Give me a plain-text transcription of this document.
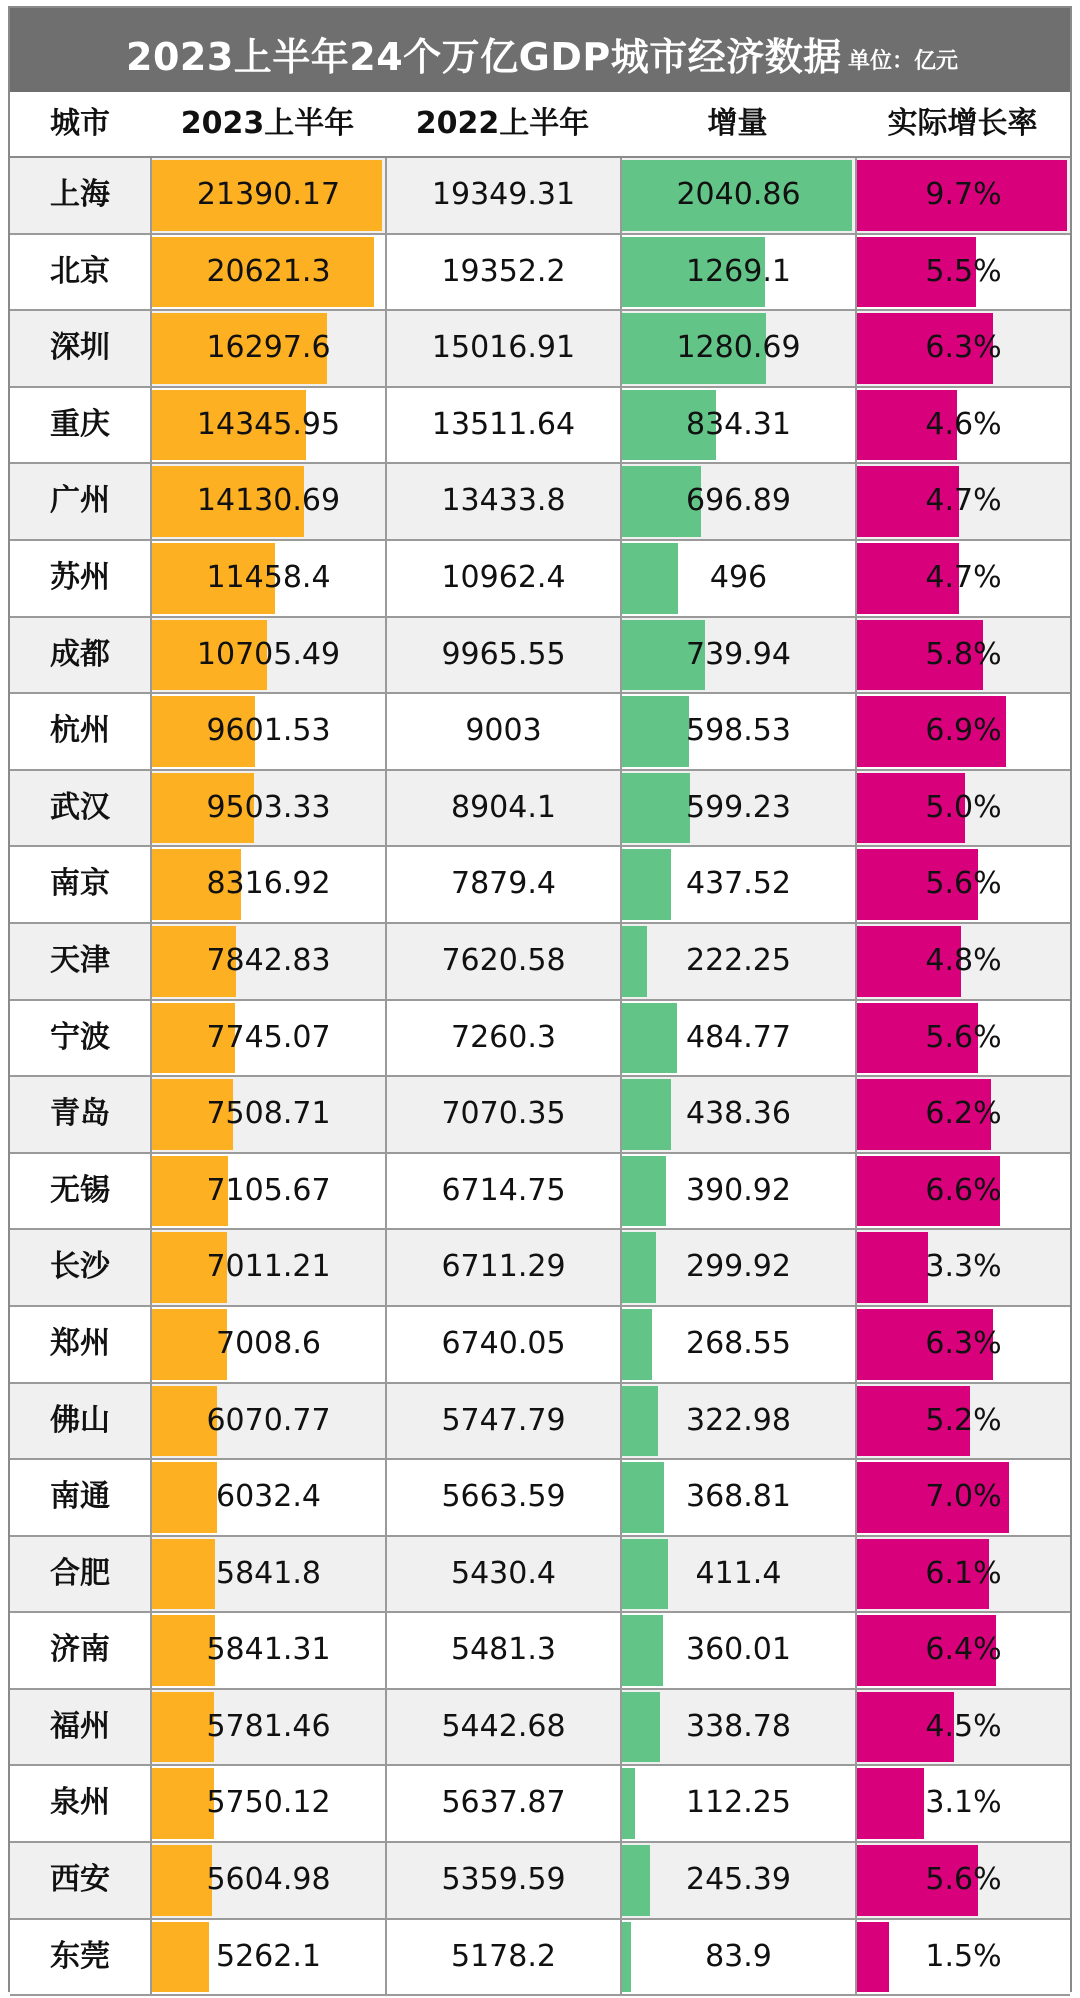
2023上半年24个万亿GDP城市经济数据 单位：亿元
城市	2023上半年	2022上半年	增量	实际增长率
上海	21390.17	19349.31	2040.86	9.7%
北京	20621.3	19352.2	1269.1	5.5%
深圳	16297.6	15016.91	1280.69	6.3%
重庆	14345.95	13511.64	834.31	4.6%
广州	14130.69	13433.8	696.89	4.7%
苏州	11458.4	10962.4	496	4.7%
成都	10705.49	9965.55	739.94	5.8%
杭州	9601.53	9003	598.53	6.9%
武汉	9503.33	8904.1	599.23	5.0%
南京	8316.92	7879.4	437.52	5.6%
天津	7842.83	7620.58	222.25	4.8%
宁波	7745.07	7260.3	484.77	5.6%
青岛	7508.71	7070.35	438.36	6.2%
无锡	7105.67	6714.75	390.92	6.6%
长沙	7011.21	6711.29	299.92	3.3%
郑州	7008.6	6740.05	268.55	6.3%
佛山	6070.77	5747.79	322.98	5.2%
南通	6032.4	5663.59	368.81	7.0%
合肥	5841.8	5430.4	411.4	6.1%
济南	5841.31	5481.3	360.01	6.4%
福州	5781.46	5442.68	338.78	4.5%
泉州	5750.12	5637.87	112.25	3.1%
西安	5604.98	5359.59	245.39	5.6%
东莞	5262.1	5178.2	83.9	1.5%
